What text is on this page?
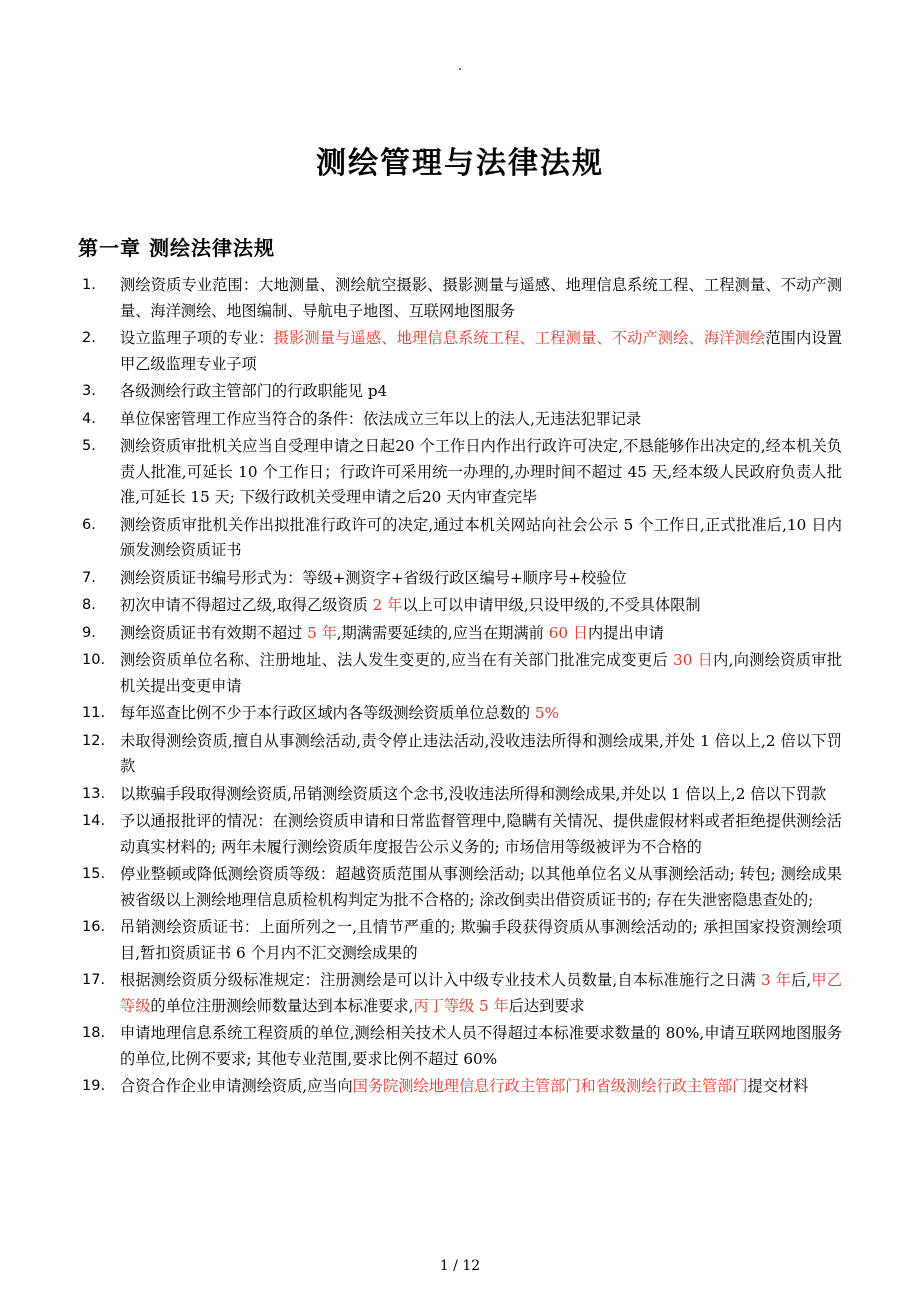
.
测绘管理与法律法规
第一章 测绘法律法规
测绘资质专业范围：大地测量、测绘航空摄影、摄影测量与遥感、地理信息系统工程、工程测量、不动产测量、海洋测绘、地图编制、导航电子地图、互联网地图服务
设立监理子项的专业：摄影测量与遥感、地理信息系统工程、工程测量、不动产测绘、海洋测绘范围内设置甲乙级监理专业子项
各级测绘行政主管部门的行政职能见 p4
单位保密管理工作应当符合的条件：依法成立三年以上的法人,无违法犯罪记录
测绘资质审批机关应当自受理申请之日起20 个工作日内作出行政许可决定,不恳能够作出决定的,经本机关负责人批准,可延长 10 个工作日；行政许可采用统一办理的,办理时间不超过 45 天,经本级人民政府负责人批准,可延长 15 天; 下级行政机关受理申请之后20 天内审查完毕
测绘资质审批机关作出拟批准行政许可的决定,通过本机关网站向社会公示 5 个工作日,正式批准后,10 日内颁发测绘资质证书
测绘资质证书编号形式为：等级+测资字+省级行政区编号+顺序号+校验位
初次申请不得超过乙级,取得乙级资质 2 年以上可以申请甲级,只设甲级的,不受具体限制
测绘资质证书有效期不超过 5 年,期满需要延续的,应当在期满前 60 日内提出申请
测绘资质单位名称、注册地址、法人发生变更的,应当在有关部门批准完成变更后 30 日内,向测绘资质审批机关提出变更申请
每年巡查比例不少于本行政区域内各等级测绘资质单位总数的 5%
未取得测绘资质,擅自从事测绘活动,责令停止违法活动,没收违法所得和测绘成果,并处 1 倍以上,2 倍以下罚款
以欺骗手段取得测绘资质,吊销测绘资质这个念书,没收违法所得和测绘成果,并处以 1 倍以上,2 倍以下罚款
予以通报批评的情况：在测绘资质申请和日常监督管理中,隐瞒有关情况、提供虚假材料或者拒绝提供测绘活动真实材料的; 两年未履行测绘资质年度报告公示义务的; 市场信用等级被评为不合格的
停业整顿或降低测绘资质等级：超越资质范围从事测绘活动; 以其他单位名义从事测绘活动; 转包; 测绘成果被省级以上测绘地理信息质检机构判定为批不合格的; 涂改倒卖出借资质证书的; 存在失泄密隐患查处的;
吊销测绘资质证书：上面所列之一,且情节严重的; 欺骗手段获得资质从事测绘活动的; 承担国家投资测绘项目,暂扣资质证书 6 个月内不汇交测绘成果的
根据测绘资质分级标准规定：注册测绘是可以计入中级专业技术人员数量,自本标准施行之日满 3 年后,甲乙等级的单位注册测绘师数量达到本标准要求,丙丁等级 5 年后达到要求
申请地理信息系统工程资质的单位,测绘相关技术人员不得超过本标准要求数量的 80%,申请互联网地图服务的单位,比例不要求; 其他专业范围,要求比例不超过 60%
合资合作企业申请测绘资质,应当向国务院测绘地理信息行政主管部门和省级测绘行政主管部门提交材料
1 / 12
